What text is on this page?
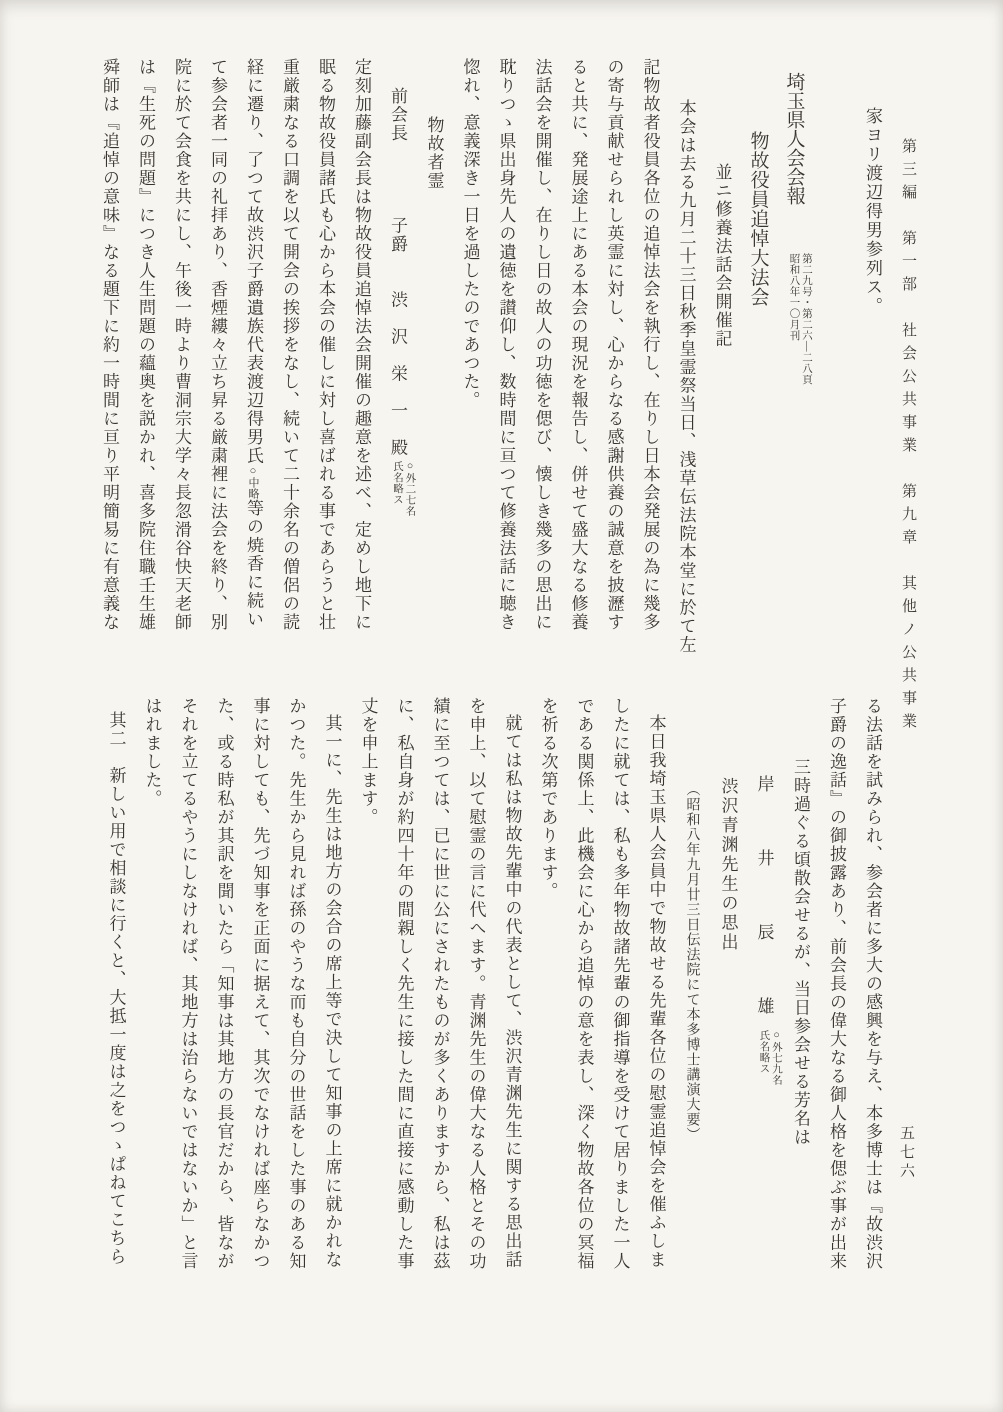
第三編　第一部　社会公共事業　第九章　其他ノ公共事業
五七六
家ヨリ渡辺得男参列ス。
埼玉県人会会報
第二九号・第二六—二八頁
昭和八年一〇月刊
物故役員追悼大法会
並ニ修養法話会開催記
本会は去る九月二十三日秋季皇霊祭当日、浅草伝法院本堂に於て左
記物故者役員各位の追悼法会を執行し、在りし日本会発展の為に幾多
の寄与貢献せられし英霊に対し、心からなる感謝供養の誠意を披瀝す
ると共に、発展途上にある本会の現況を報告し、併せて盛大なる修養
法話会を開催し、在りし日の故人の功徳を偲び、懐しき幾多の思出に
耽りつゝ県出身先人の遺徳を讃仰し、数時間に亘つて修養法話に聴き
惚れ、意義深き一日を過したのであつた。
物故者霊
前会長　　　　子爵　　渋　沢　栄　一　殿
○外二七名
氏名略ス
定刻加藤副会長は物故役員追悼法会開催の趣意を述べ、定めし地下に
眠る物故役員諸氏も心から本会の催しに対し喜ばれる事であらうと壮
重厳粛なる口調を以て開会の挨拶をなし、続いて二十余名の僧侶の読
経に遷り、了つて故渋沢子爵遺族代表渡辺得男氏○中略等の焼香に続い
て参会者一同の礼拝あり、香煙縷々立ち昇る厳粛裡に法会を終り、別
院に於て会食を共にし、午後一時より曹洞宗大学々長忽滑谷快天老師
は『生死の問題』につき人生問題の蘊奥を説かれ、喜多院住職壬生雄
舜師は『追悼の意味』なる題下に約一時間に亘り平明簡易に有意義な
る法話を試みられ、参会者に多大の感興を与え、本多博士は『故渋沢
子爵の逸話』の御披露あり、前会長の偉大なる御人格を偲ぶ事が出来
三時過ぐる頃散会せるが、当日参会せる芳名は
岸　　　井　　　辰　　　雄
○外七九名
氏名略ス
渋沢青渊先生の思出
（昭和八年九月廿三日伝法院にて本多博士講演大要）
本日我埼玉県人会員中で物故せる先輩各位の慰霊追悼会を催ふしま
したに就ては、私も多年物故諸先輩の御指導を受けて居りました一人
である関係上、此機会に心から追悼の意を表し、深く物故各位の冥福
を祈る次第であります。
就ては私は物故先輩中の代表として、渋沢青渊先生に関する思出話
を申上、以て慰霊の言に代へます。青渊先生の偉大なる人格とその功
績に至つては、已に世に公にされたものが多くありますから、私は茲
に、私自身が約四十年の間親しく先生に接した間に直接に感動した事
丈を申上ます。
其一に、先生は地方の会合の席上等で決して知事の上席に就かれな
かつた。先生から見れば孫のやうな而も自分の世話をした事のある知
事に対しても、先づ知事を正面に据えて、其次でなければ座らなかつ
た、或る時私が其訳を聞いたら「知事は其地方の長官だから、皆なが
それを立てるやうにしなければ、其地方は治らないではないか」と言
はれました。
其二　新しい用で相談に行くと、大抵一度は之をつゝぱねてこちら
